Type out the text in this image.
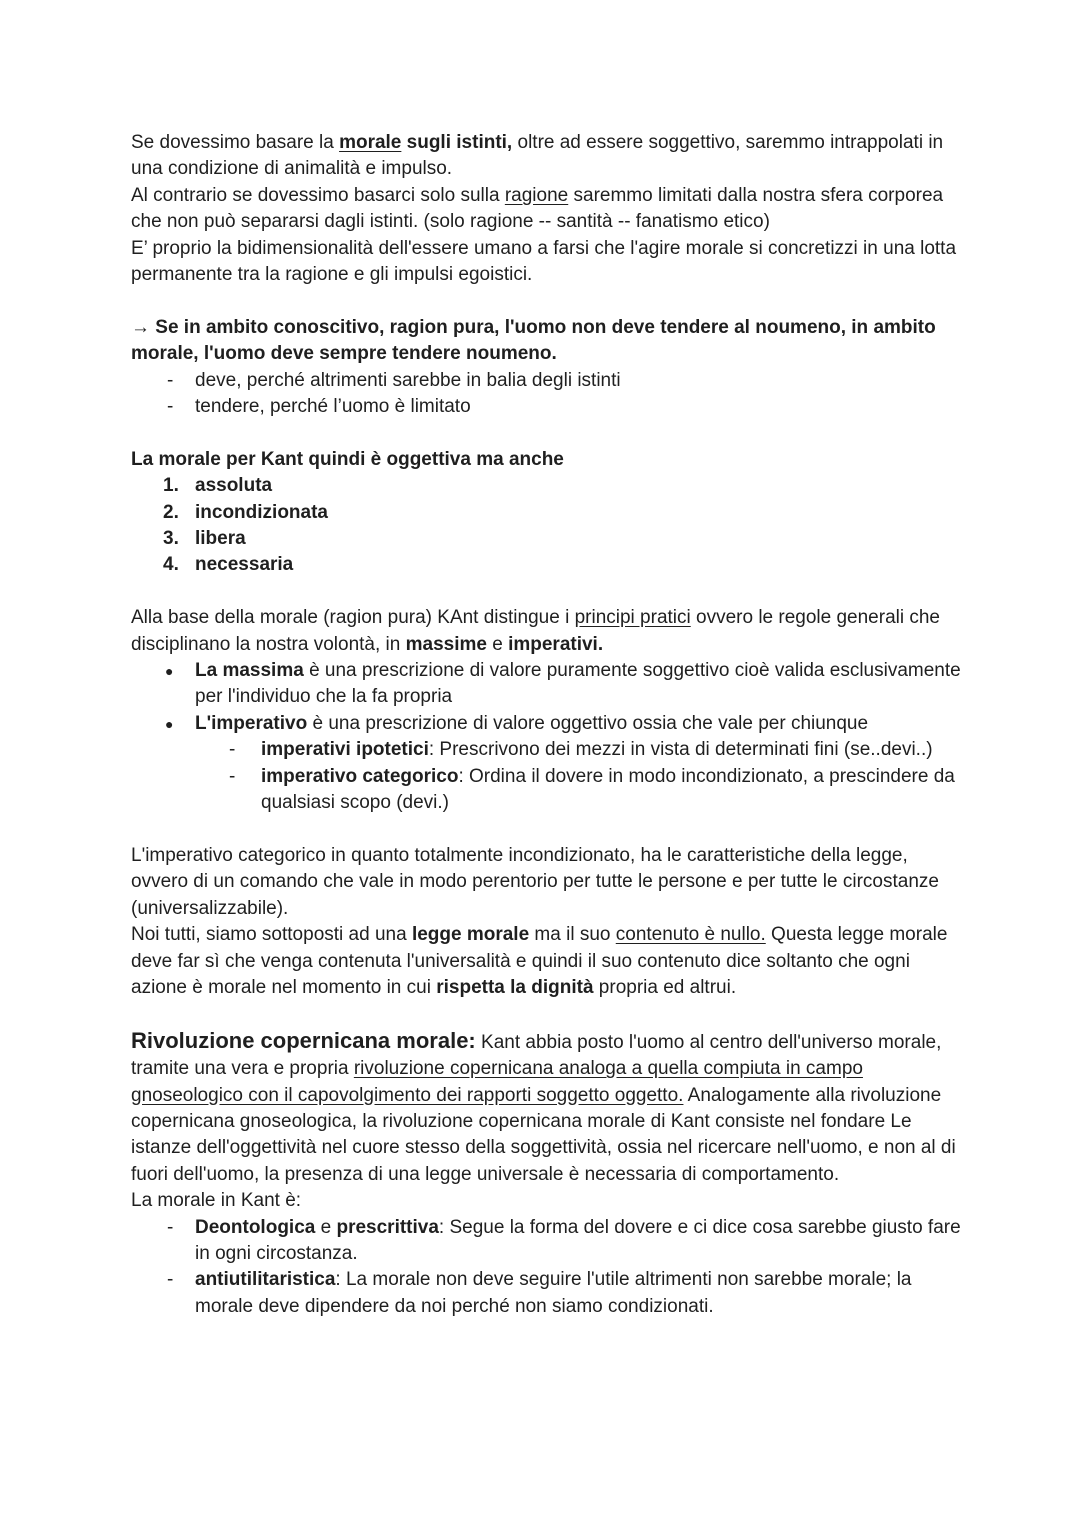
Se dovessimo basare la morale sugli istinti, oltre ad essere soggettivo, saremmo intrappolati in una condizione di animalità e impulso.

Al contrario se dovessimo basarci solo sulla ragione saremmo limitati dalla nostra sfera corporea che non può separarsi dagli istinti. (solo ragione -- santità -- fanatismo etico)

E’ proprio la bidimensionalità dell'essere umano a farsi che l'agire morale si concretizzi in una lotta permanente tra la ragione e gli impulsi egoistici.

→ Se in ambito conoscitivo, ragion pura, l'uomo non deve tendere al noumeno, in ambito morale, l'uomo deve sempre tendere noumeno.

- deve, perché altrimenti sarebbe in balia degli istinti
- tendere, perché l’uomo è limitato

La morale per Kant quindi è oggettiva ma anche

1. assoluta
2. incondizionata
3. libera
4. necessaria

Alla base della morale (ragion pura) KAnt distingue i principi pratici ovvero le regole generali che disciplinano la nostra volontà, in massime e imperativi.

● La massima è una prescrizione di valore puramente soggettivo cioè valida esclusivamente per l'individuo che la fa propria
● L'imperativo è una prescrizione di valore oggettivo ossia che vale per chiunque
- imperativi ipotetici: Prescrivono dei mezzi in vista di determinati fini (se..devi..)
- imperativo categorico: Ordina il dovere in modo incondizionato, a prescindere da qualsiasi scopo (devi.)

L'imperativo categorico in quanto totalmente incondizionato, ha le caratteristiche della legge, ovvero di un comando che vale in modo perentorio per tutte le persone e per tutte le circostanze (universalizzabile).

Noi tutti, siamo sottoposti ad una legge morale ma il suo contenuto è nullo. Questa legge morale deve far sì che venga contenuta l'universalità e quindi il suo contenuto dice soltanto che ogni azione è morale nel momento in cui rispetta la dignità propria ed altrui.

Rivoluzione copernicana morale: Kant abbia posto l'uomo al centro dell'universo morale, tramite una vera e propria rivoluzione copernicana analoga a quella compiuta in campo gnoseologico con il capovolgimento dei rapporti soggetto oggetto. Analogamente alla rivoluzione copernicana gnoseologica, la rivoluzione copernicana morale di Kant consiste nel fondare Le istanze dell'oggettività nel cuore stesso della soggettività, ossia nel ricercare nell'uomo, e non al di fuori dell'uomo, la presenza di una legge universale è necessaria di comportamento.

La morale in Kant è:

- Deontologica e prescrittiva: Segue la forma del dovere e ci dice cosa sarebbe giusto fare in ogni circostanza.
- antiutilitaristica: La morale non deve seguire l'utile altrimenti non sarebbe morale; la morale deve dipendere da noi perché non siamo condizionati.
